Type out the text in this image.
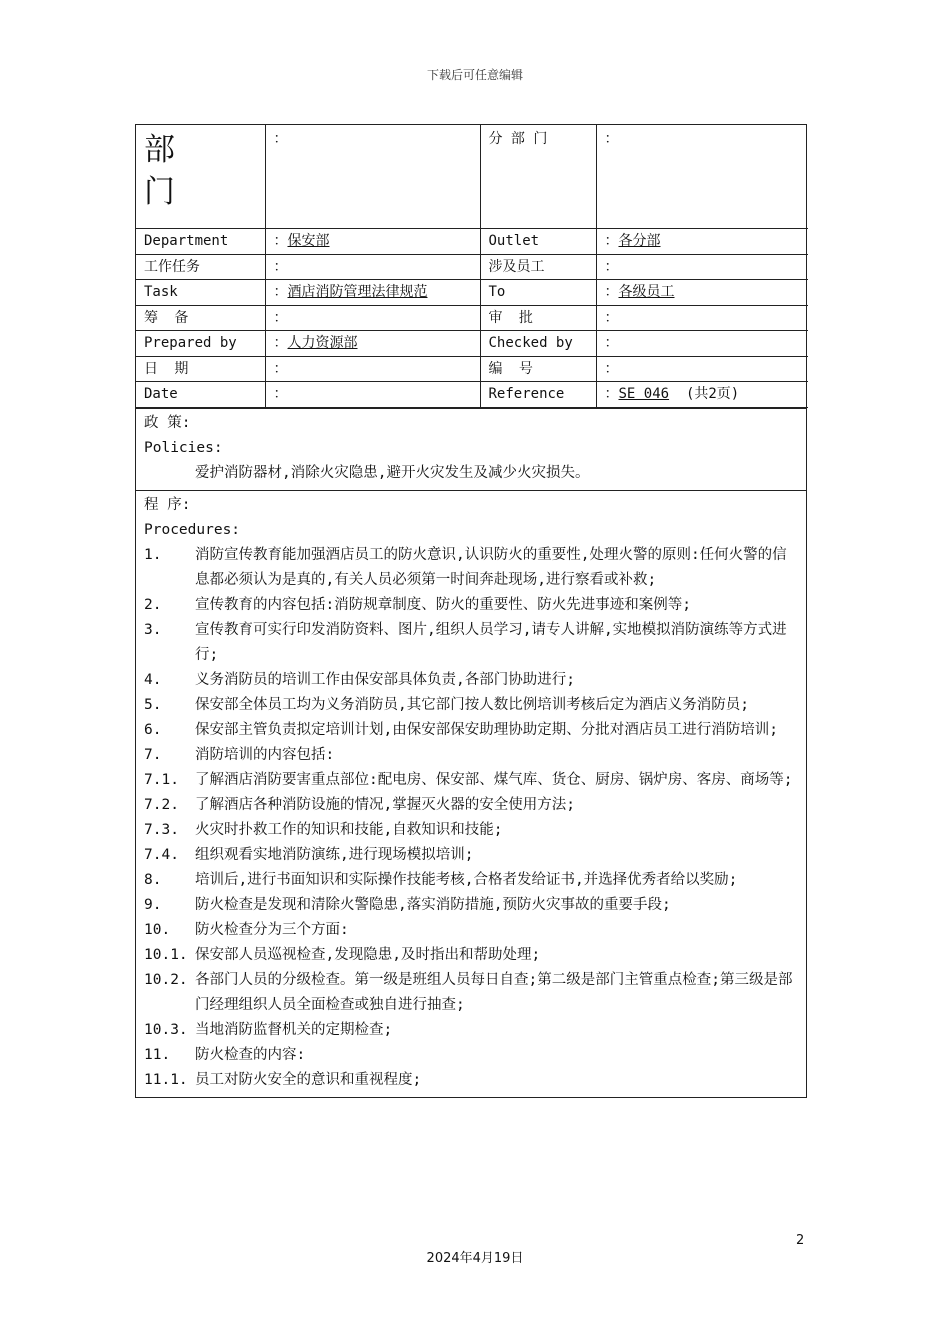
下载后可任意编辑
部门	：	分 部 门	：
Department	：保安部	Outlet	：各分部
工作任务	：	涉及员工	：
Task	：酒店消防管理法律规范	To	：各级员工
筹 备	：	审 批	：
Prepared by	：人力资源部	Checked by	：
日 期	：	编 号	：
Date	：	Reference	：SE 046 (共2页)
政 策:
Policies:
爱护消防器材,消除火灾隐患,避开火灾发生及减少火灾损失。
程 序:
Procedures:
1.	消防宣传教育能加强酒店员工的防火意识,认识防火的重要性,处理火警的原则:任何火警的信息都必须认为是真的,有关人员必须第一时间奔赴现场,进行察看或补救;
2.	宣传教育的内容包括:消防规章制度、防火的重要性、防火先进事迹和案例等;
3.	宣传教育可实行印发消防资料、图片,组织人员学习,请专人讲解,实地模拟消防演练等方式进行;
4.	义务消防员的培训工作由保安部具体负责,各部门协助进行;
5.	保安部全体员工均为义务消防员,其它部门按人数比例培训考核后定为酒店义务消防员;
6.	保安部主管负责拟定培训计划,由保安部保安助理协助定期、分批对酒店员工进行消防培训;
7.	消防培训的内容包括:
7.1.	了解酒店消防要害重点部位:配电房、保安部、煤气库、货仓、厨房、锅炉房、客房、商场等;
7.2.	了解酒店各种消防设施的情况,掌握灭火器的安全使用方法;
7.3.	火灾时扑救工作的知识和技能,自救知识和技能;
7.4.	组织观看实地消防演练,进行现场模拟培训;
8.	培训后,进行书面知识和实际操作技能考核,合格者发给证书,并选择优秀者给以奖励;
9.	防火检查是发现和清除火警隐患,落实消防措施,预防火灾事故的重要手段;
10.	防火检查分为三个方面:
10.1. 保安部人员巡视检查,发现隐患,及时指出和帮助处理;
10.2. 各部门人员的分级检查。第一级是班组人员每日自查;第二级是部门主管重点检查;第三级是部门经理组织人员全面检查或独自进行抽查;
10.3. 当地消防监督机关的定期检查;
11.	防火检查的内容:
11.1. 员工对防火安全的意识和重视程度;
2
2024年4月19日
